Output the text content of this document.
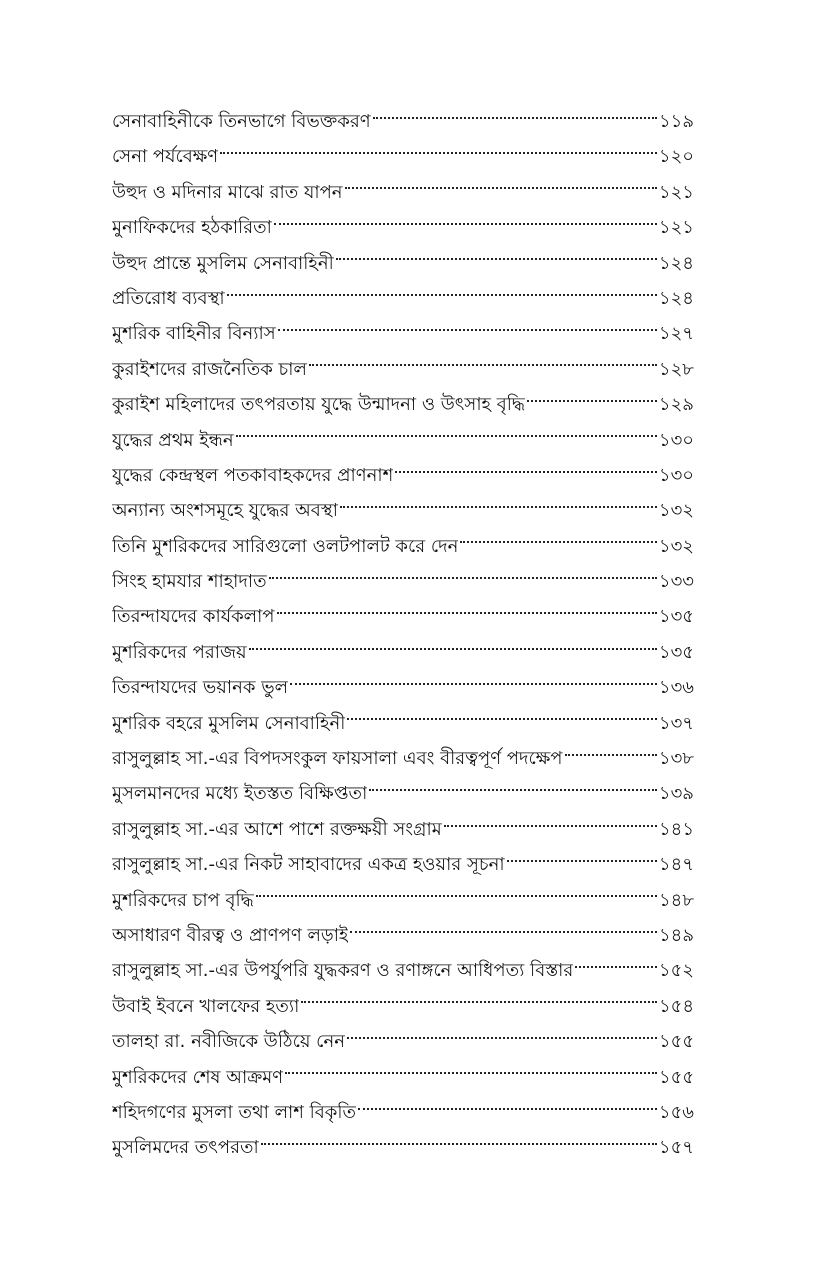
সেনাবাহিনীকে তিনভাগে বিভক্তকরণ	১১৯
সেনা পর্যবেক্ষণ	১২০
উহুদ ও মদিনার মাঝে রাত যাপন	১২১
মুনাফিকদের হঠকারিতা	১২১
উহুদ প্রান্তে মুসলিম সেনাবাহিনী	১২৪
প্রতিরোধ ব্যবস্থা	১২৪
মুশরিক বাহিনীর বিন্যাস	১২৭
কুরাইশদের রাজনৈতিক চাল	১২৮
কুরাইশ মহিলাদের তৎপরতায় যুদ্ধে উন্মাদনা ও উৎসাহ বৃদ্ধি	১২৯
যুদ্ধের প্রথম ইন্ধন	১৩০
যুদ্ধের কেন্দ্রস্থল পতকাবাহকদের প্রাণনাশ	১৩০
অন্যান্য অংশসমূহে যুদ্ধের অবস্থা	১৩২
তিনি মুশরিকদের সারিগুলো ওলটপালট করে দেন	১৩২
সিংহ হামযার শাহাদাত	১৩৩
তিরন্দাযদের কার্যকলাপ	১৩৫
মুশরিকদের পরাজয়	১৩৫
তিরন্দাযদের ভয়ানক ভুল	১৩৬
মুশরিক বহরে মুসলিম সেনাবাহিনী	১৩৭
রাসুলুল্লাহ সা.-এর বিপদসংকুল ফায়সালা এবং বীরত্বপূর্ণ পদক্ষেপ	১৩৮
মুসলমানদের মধ্যে ইতস্তত বিক্ষিপ্ততা	১৩৯
রাসুলুল্লাহ সা.-এর আশে পাশে রক্তক্ষয়ী সংগ্রাম	১৪১
রাসুলুল্লাহ সা.-এর নিকট সাহাবাদের একত্র হওয়ার সূচনা	১৪৭
মুশরিকদের চাপ বৃদ্ধি	১৪৮
অসাধারণ বীরত্ব ও প্রাণপণ লড়াই	১৪৯
রাসুলুল্লাহ সা.-এর উপর্যুপরি যুদ্ধকরণ ও রণাঙ্গনে আধিপত্য বিস্তার	১৫২
উবাই ইবনে খালফের হত্যা	১৫৪
তালহা রা. নবীজিকে উঠিয়ে নেন	১৫৫
মুশরিকদের শেষ আক্রমণ	১৫৫
শহিদগণের মুসলা তথা লাশ বিকৃতি	১৫৬
মুসলিমদের তৎপরতা	১৫৭
